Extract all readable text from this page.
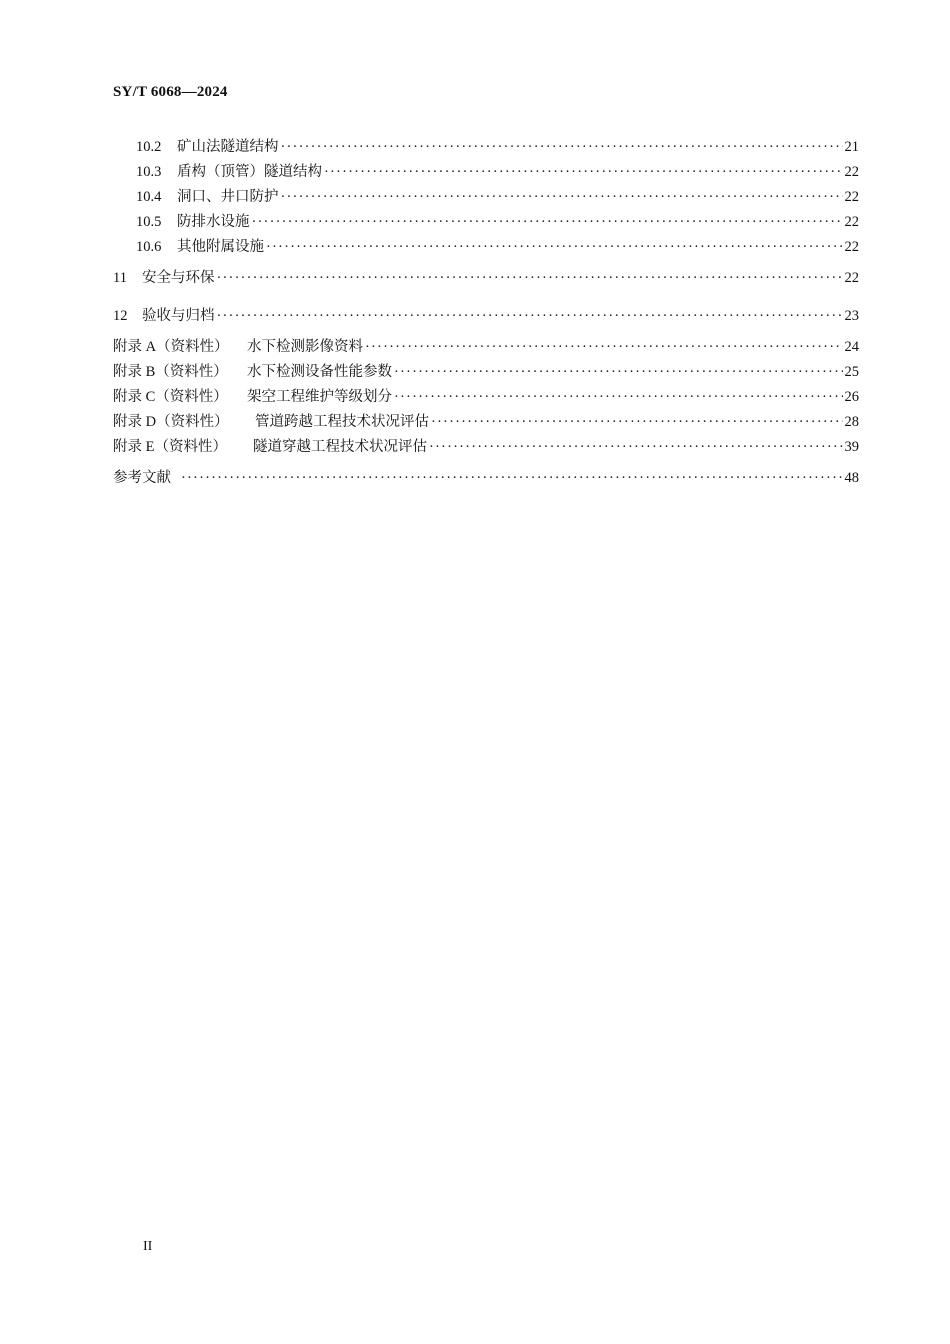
SY/T 6068—2024
10.2	矿山法隧道结构 ·····	21
10.3	盾构（顶管）隧道结构 ·····	22
10.4	洞口、井口防护 ·····	22
10.5	防排水设施 ·····	22
10.6	其他附属设施 ·····	22
11	安全与环保 ·····	22
12	验收与归档 ·····	23
附录 A（资料性）	水下检测影像资料 ·····	24
附录 B（资料性）	水下检测设备性能参数 ·····	25
附录 C（资料性）	架空工程维护等级划分 ·····	26
附录 D（资料性）	管道跨越工程技术状况评估 ·····	28
附录 E（资料性）	隧道穿越工程技术状况评估 ·····	39
参考文献 ·····	48
II
